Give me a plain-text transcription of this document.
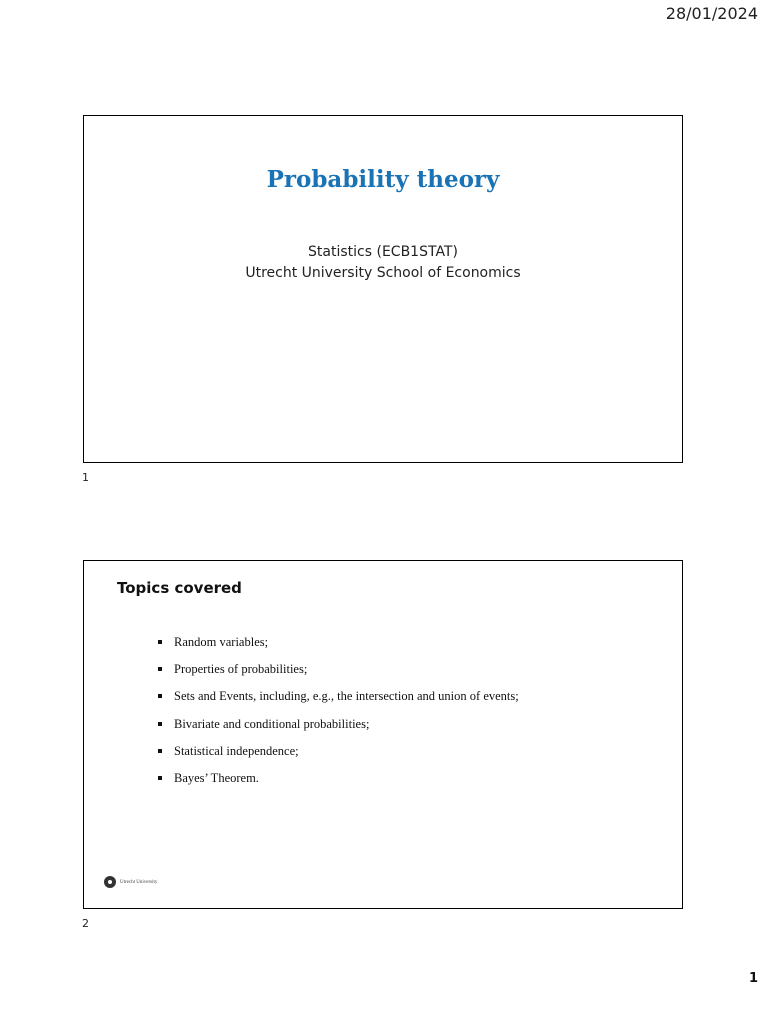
28/01/2024
Probability theory
Statistics (ECB1STAT)
Utrecht University School of Economics
1
Topics covered
Random variables;
Properties of probabilities;
Sets and Events, including, e.g., the intersection and union of events;
Bivariate and conditional probabilities;
Statistical independence;
Bayes’ Theorem.
Utrecht University
2
1
